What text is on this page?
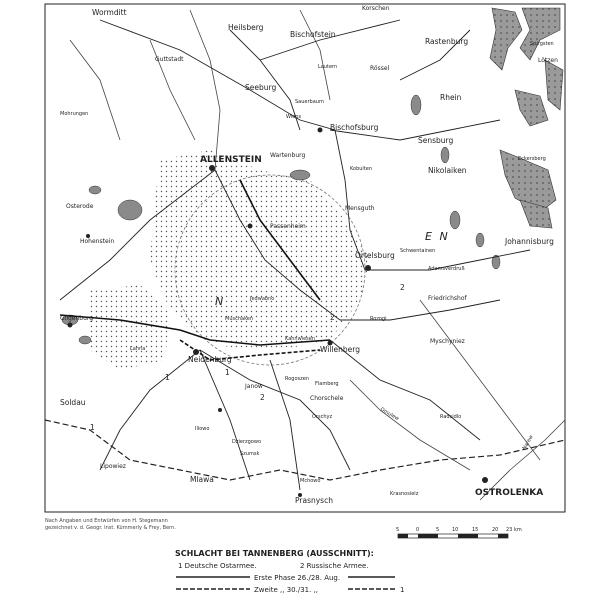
Wormditt
Heilsberg
Bischofstein
Korschen
Rastenburg
Rössel
Lötzen
Spirgsten
Guttstadt
Seeburg
Sauerbaum
Lautern
Rhein
Mohrungen	Wieps
Bischofsburg
Sensburg
ALLENSTEIN Wartenburg
Kobulten	Nikolaiken
Eckersberg
Osterode
Passenheim
Mensguth
Johannisburg
Hohenstein
Ortelsburg Schwentainen
Adamsverdruß
Friedrichshof
Gilgenburg
Lahna	Willenberg
Myschyniez
Neidenburg
Soldau
Janow
Chorschele
Flamberg
Orschyz	Radsidlo
Mlawa
Dzierzgowo
Szumsk
Mchowo
Prasnysch
Krasnosielz	OSTROLENKA
Lipowiez
Illowo
Kannwiesen
Jedwabno
Muschaken
Rogoszen
Rozogi
Narew
Omulew
E N
N
2
2
1
2
1
1
Nach Angaben und Entwürfen von H. Stegemann
gezeichnet v. d. Geogr. Inst. Kümmerly & Frey, Bern.	5	0	5	10	15	20 23 km
SCHLACHT BEI TANNENBERG (AUSSCHNITT):
1 Deutsche Ostarmee.	2 Russische Armee.
Erste Phase 26./28. Aug.
Zweite ,, 30./31. ,,	1
